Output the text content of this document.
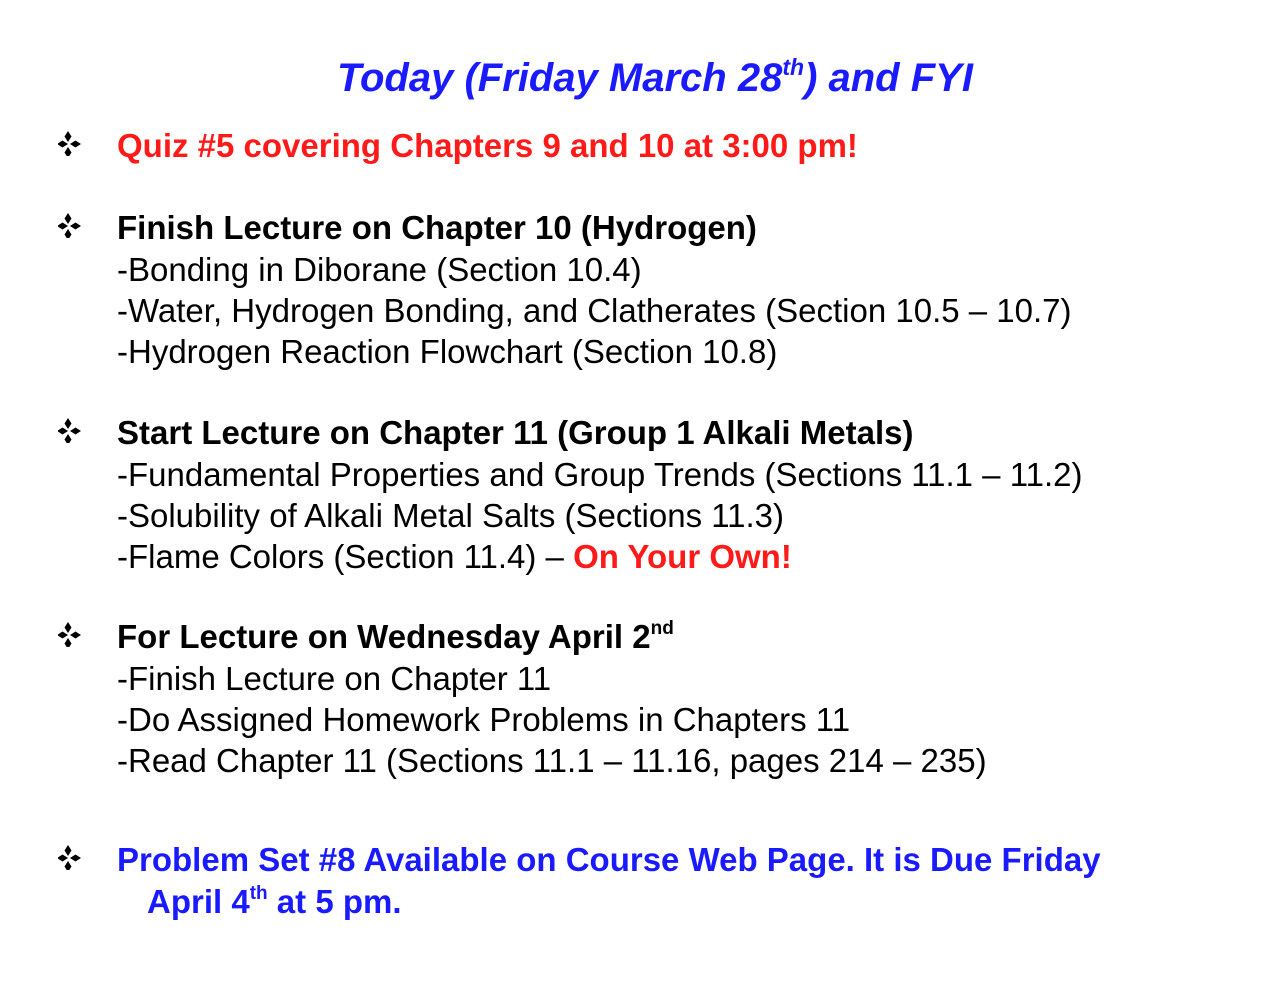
Today (Friday March 28th) and FYI
Quiz #5 covering Chapters 9 and 10 at 3:00 pm!
Finish Lecture on Chapter 10 (Hydrogen)
-Bonding in Diborane (Section 10.4)
-Water, Hydrogen Bonding, and Clatherates (Section 10.5 – 10.7)
-Hydrogen Reaction Flowchart (Section 10.8)
Start Lecture on Chapter 11 (Group 1 Alkali Metals)
-Fundamental Properties and Group Trends (Sections 11.1 – 11.2)
-Solubility of Alkali Metal Salts (Sections 11.3)
-Flame Colors (Section 11.4) – On Your Own!
For Lecture on Wednesday April 2nd
-Finish Lecture on Chapter 11
-Do Assigned Homework Problems in Chapters 11
-Read Chapter 11 (Sections 11.1 – 11.16, pages 214 – 235)
Problem Set #8 Available on Course Web Page. It is Due Friday
April 4th at 5 pm.
